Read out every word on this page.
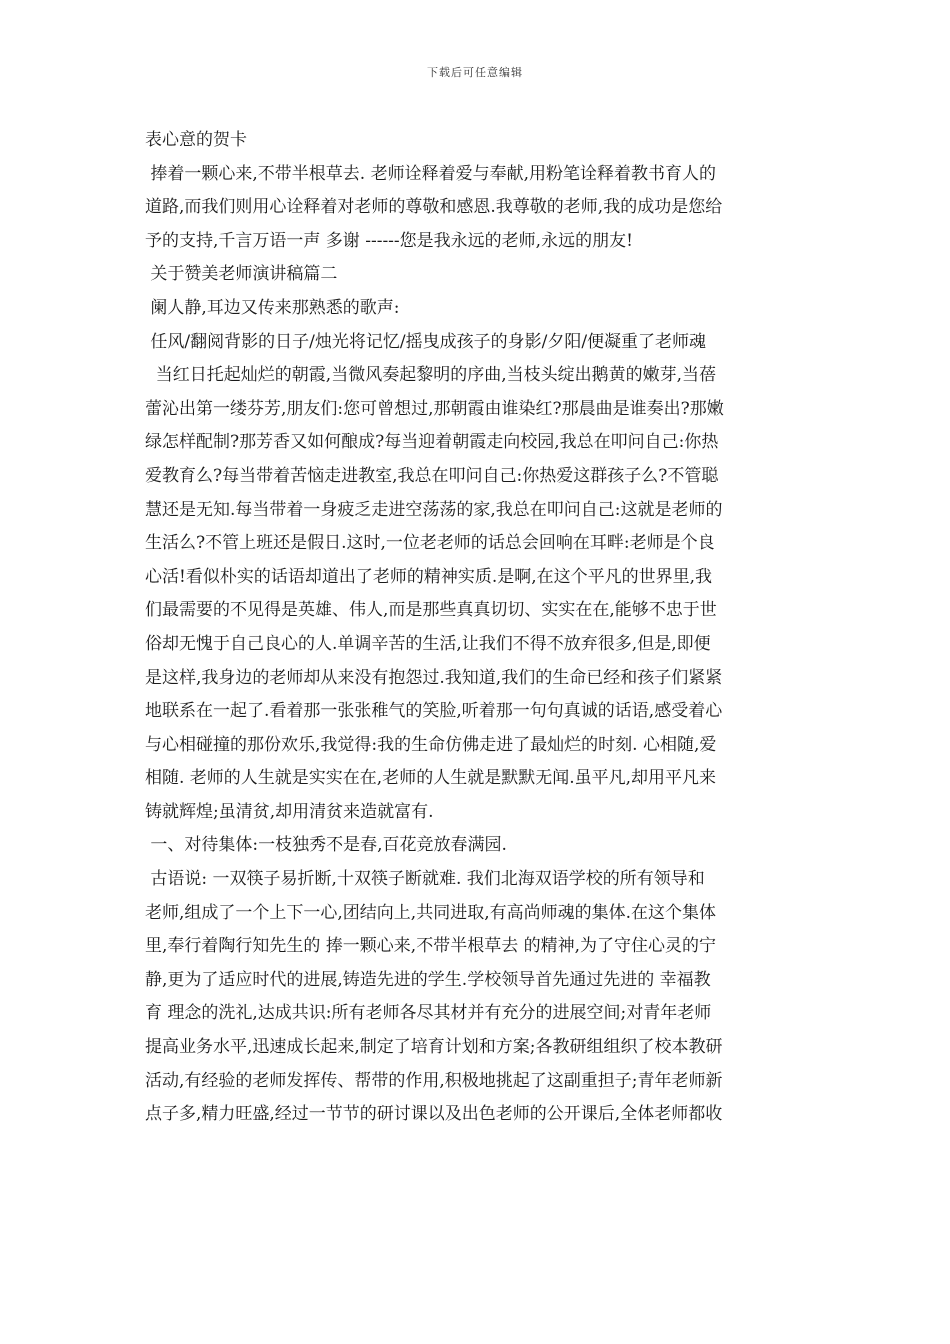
下载后可任意编辑
表心意的贺卡
捧着一颗心来,不带半根草去. 老师诠释着爱与奉献,用粉笔诠释着教书育人的
道路,而我们则用心诠释着对老师的尊敬和感恩.我尊敬的老师,我的成功是您给
予的支持,千言万语一声 多谢 ------您是我永远的老师,永远的朋友!
关于赞美老师演讲稿篇二
阑人静,耳边又传来那熟悉的歌声:
任风/翻阅背影的日子/烛光将记忆/摇曳成孩子的身影/夕阳/便凝重了老师魂
当红日托起灿烂的朝霞,当微风奏起黎明的序曲,当枝头绽出鹅黄的嫩芽,当蓓
蕾沁出第一缕芬芳,朋友们:您可曾想过,那朝霞由谁染红?那晨曲是谁奏出?那嫩
绿怎样配制?那芳香又如何酿成?每当迎着朝霞走向校园,我总在叩问自己:你热
爱教育么?每当带着苦恼走进教室,我总在叩问自己:你热爱这群孩子么?不管聪
慧还是无知.每当带着一身疲乏走进空荡荡的家,我总在叩问自己:这就是老师的
生活么?不管上班还是假日.这时,一位老老师的话总会回响在耳畔:老师是个良
心活!看似朴实的话语却道出了老师的精神实质.是啊,在这个平凡的世界里,我
们最需要的不见得是英雄、伟人,而是那些真真切切、实实在在,能够不忠于世
俗却无愧于自己良心的人.单调辛苦的生活,让我们不得不放弃很多,但是,即便
是这样,我身边的老师却从来没有抱怨过.我知道,我们的生命已经和孩子们紧紧
地联系在一起了.看着那一张张稚气的笑脸,听着那一句句真诚的话语,感受着心
与心相碰撞的那份欢乐,我觉得:我的生命仿佛走进了最灿烂的时刻. 心相随,爱
相随. 老师的人生就是实实在在,老师的人生就是默默无闻.虽平凡,却用平凡来
铸就辉煌;虽清贫,却用清贫来造就富有.
一、对待集体:一枝独秀不是春,百花竞放春满园.
古语说: 一双筷子易折断,十双筷子断就难. 我们北海双语学校的所有领导和
老师,组成了一个上下一心,团结向上,共同进取,有高尚师魂的集体.在这个集体
里,奉行着陶行知先生的 捧一颗心来,不带半根草去 的精神,为了守住心灵的宁
静,更为了适应时代的进展,铸造先进的学生.学校领导首先通过先进的 幸福教
育 理念的洗礼,达成共识:所有老师各尽其材并有充分的进展空间;对青年老师
提高业务水平,迅速成长起来,制定了培育计划和方案;各教研组组织了校本教研
活动,有经验的老师发挥传、帮带的作用,积极地挑起了这副重担子;青年老师新
点子多,精力旺盛,经过一节节的研讨课以及出色老师的公开课后,全体老师都收
